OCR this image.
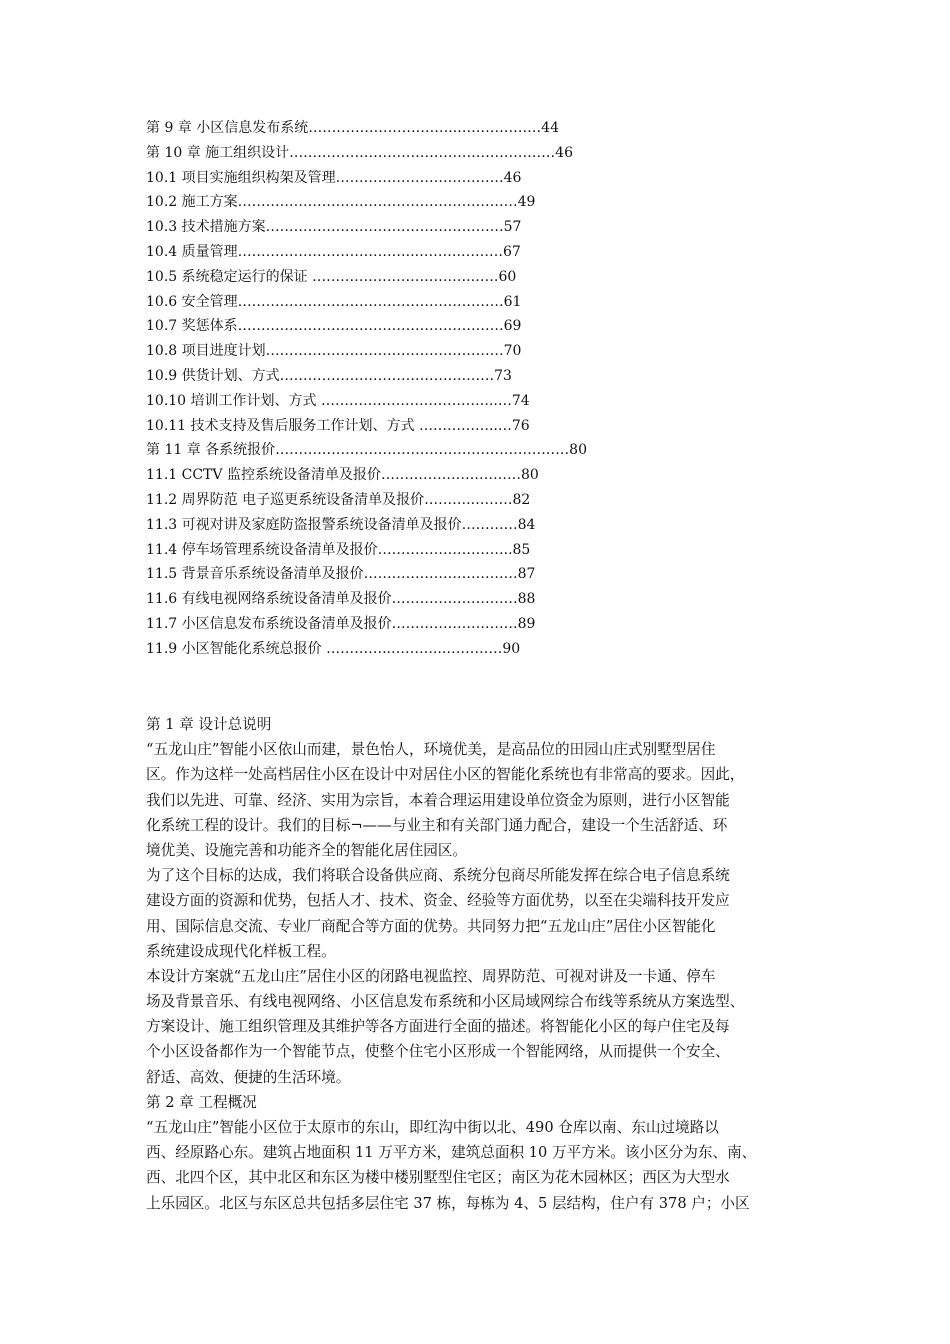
第 9 章 小区信息发布系统…………………………..………………44
第 10 章 施工组织设计…………………………………………………46
10.1 项目实施组织构架及管理………………………………46
10.2 施工方案……………………………………………………49
10.3 技术措施方案……………………………………………57
10.4 质量管理………………………………..……….………67
10.5 系统稳定运行的保证 …………………………….……60
10.6 安全管理…………………………………………………61
10.7 奖惩体系…………………………………………………69
10.8 项目进度计划……………………………………………70
10.9 供货计划、方式………………………………….……73
10.10 培训工作计划、方式 ………………………………..…74
10.11 技术支持及售后服务工作计划、方式 ……………..…76
第 11 章 各系统报价………………………………………………………80
11.1 CCTV 监控系统设备清单及报价…………………………80
11.2 周界防范 电子巡更系统设备清单及报价……….………82
11.3 可视对讲及家庭防盗报警系统设备清单及报价…………84
11.4 停车场管理系统设备清单及报价………………………..85
11.5 背景音乐系统设备清单及报价……………………………87
11.6 有线电视网络系统设备清单及报价………………………88
11.7 小区信息发布系统设备清单及报价………………………89
11.9 小区智能化系统总报价 …………..………...…………90
第 1 章 设计总说明
“五龙山庄”智能小区依山而建，景色怡人，环境优美，是高品位的田园山庄式别墅型居住
区。作为这样一处高档居住小区在设计中对居住小区的智能化系统也有非常高的要求。因此，
我们以先进、可靠、经济、实用为宗旨，本着合理运用建设单位资金为原则，进行小区智能
化系统工程的设计。我们的目标¬——与业主和有关部门通力配合，建设一个生活舒适、环
境优美、设施完善和功能齐全的智能化居住园区。
为了这个目标的达成，我们将联合设备供应商、系统分包商尽所能发挥在综合电子信息系统
建设方面的资源和优势，包括人才、技术、资金、经验等方面优势，以至在尖端科技开发应
用、国际信息交流、专业厂商配合等方面的优势。共同努力把“五龙山庄”居住小区智能化
系统建设成现代化样板工程。
本设计方案就“五龙山庄”居住小区的闭路电视监控、周界防范、可视对讲及一卡通、停车
场及背景音乐、有线电视网络、小区信息发布系统和小区局域网综合布线等系统从方案选型、
方案设计、施工组织管理及其维护等各方面进行全面的描述。将智能化小区的每户住宅及每
个小区设备都作为一个智能节点，使整个住宅小区形成一个智能网络，从而提供一个安全、
舒适、高效、便捷的生活环境。
第 2 章 工程概况
“五龙山庄”智能小区位于太原市的东山，即红沟中街以北、490 仓库以南、东山过境路以
西、经原路心东。建筑占地面积 11 万平方米，建筑总面积 10 万平方米。该小区分为东、南、
西、北四个区，其中北区和东区为楼中楼别墅型住宅区；南区为花木园林区；西区为大型水
上乐园区。北区与东区总共包括多层住宅 37 栋，每栋为 4、5 层结构，住户有 378 户；小区
